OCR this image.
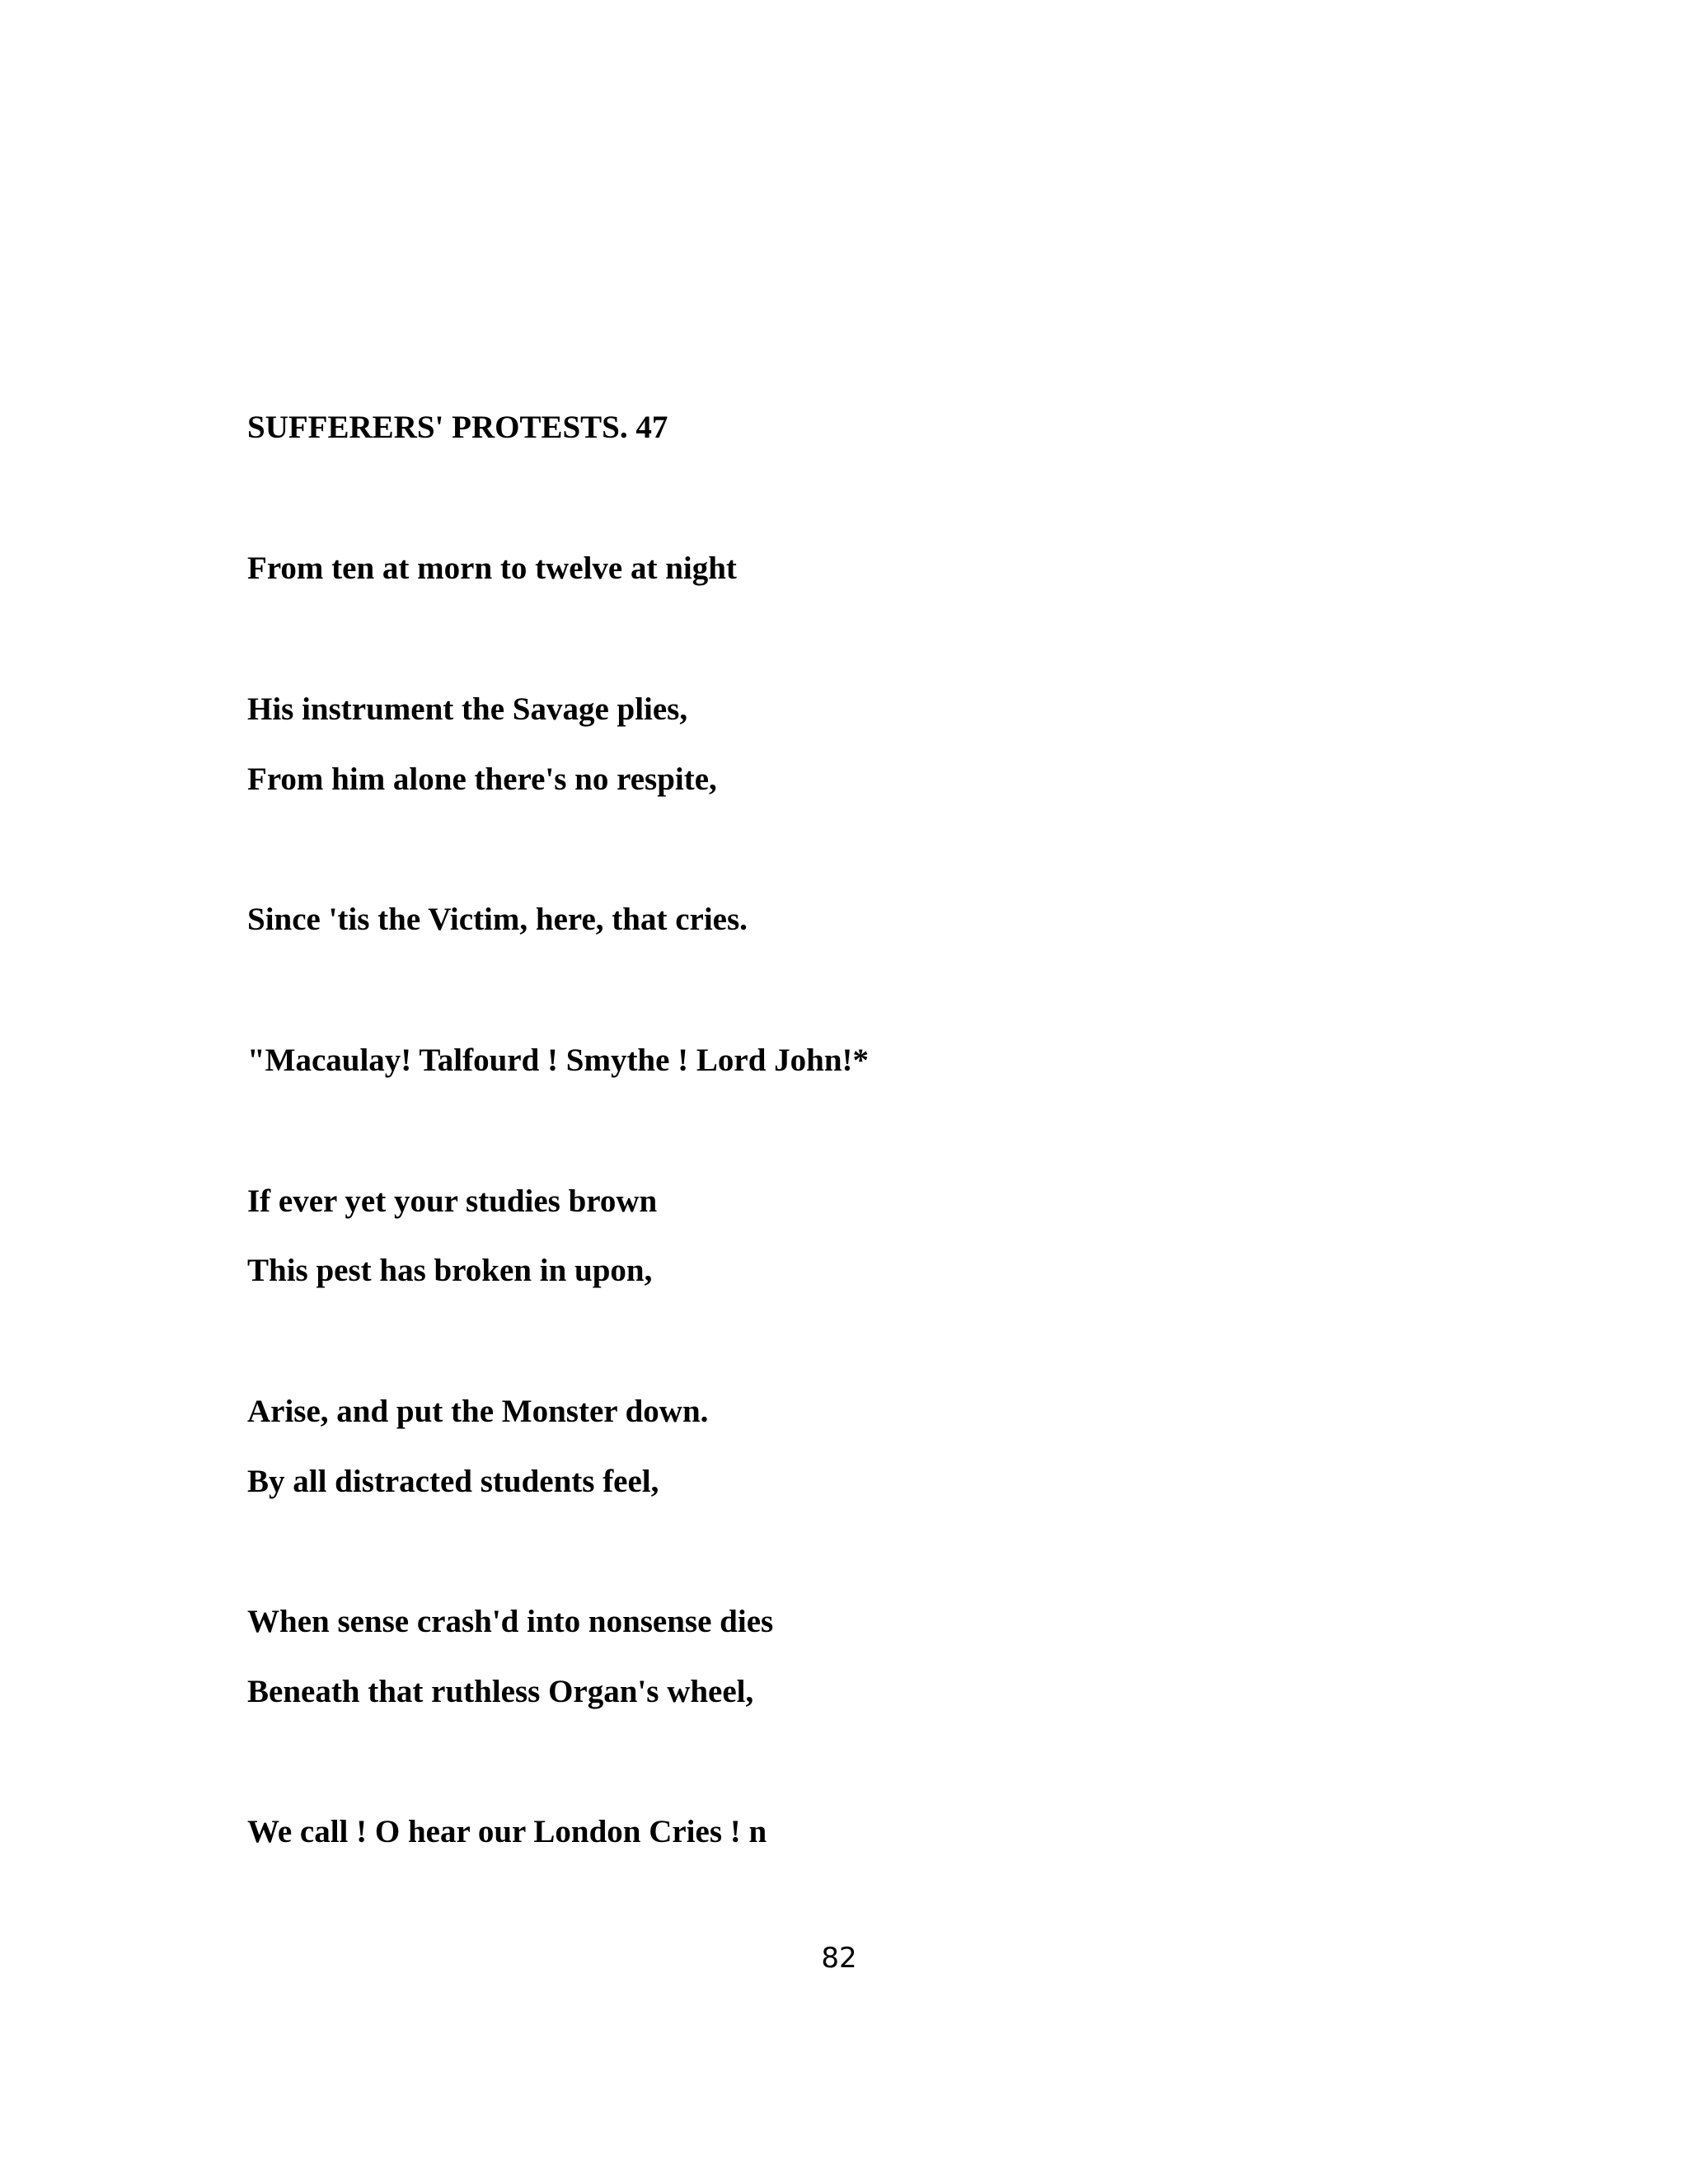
SUFFERERS' PROTESTS. 47
From ten at morn to twelve at night
His instrument the Savage plies,
From him alone there's no respite,
Since 'tis the Victim, here, that cries.
"Macaulay! Talfourd ! Smythe ! Lord John!*
If ever yet your studies brown
This pest has broken in upon,
Arise, and put the Monster down.
By all distracted students feel,
When sense crash'd into nonsense dies
Beneath that ruthless Organ's wheel,
We call ! O hear our London Cries ! n
82
